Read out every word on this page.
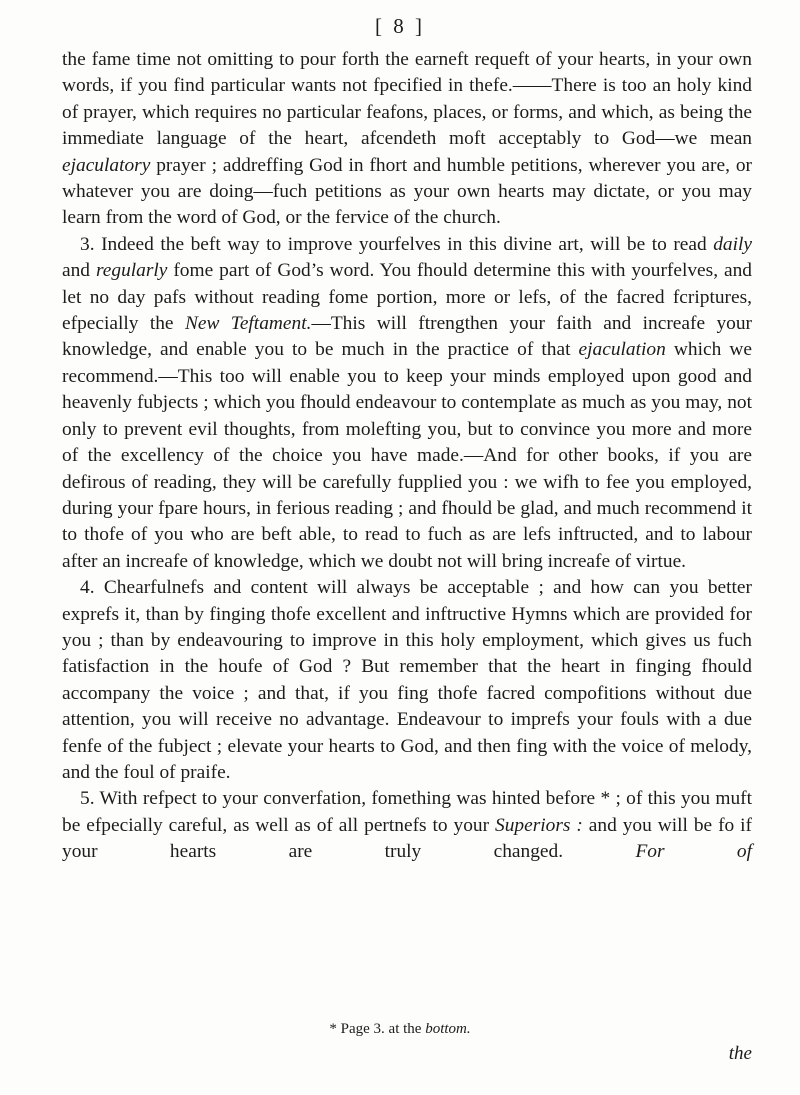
[ 8 ]

the fame time not omitting to pour forth the earneft requeft of your hearts, in your own words, if you find particular wants not fpecified in thefe.——There is too an holy kind of prayer, which requires no particular feafons, places, or forms, and which, as being the immediate language of the heart, afcendeth moft acceptably to God—we mean ejaculatory prayer ; addreffing God in fhort and humble petitions, wherever you are, or whatever you are doing—fuch petitions as your own hearts may dictate, or you may learn from the word of God, or the fervice of the church.

3. Indeed the beft way to improve yourfelves in this divine art, will be to read daily and regularly fome part of God’s word. You fhould determine this with yourfelves, and let no day pafs without reading fome portion, more or lefs, of the facred fcriptures, efpecially the New Teftament.—This will ftrengthen your faith and increafe your knowledge, and enable you to be much in the practice of that ejaculation which we recommend.—This too will enable you to keep your minds employed upon good and heavenly fubjects ; which you fhould endeavour to contemplate as much as you may, not only to prevent evil thoughts, from molefting you, but to convince you more and more of the excellency of the choice you have made.—And for other books, if you are defirous of reading, they will be carefully fupplied you : we wifh to fee you employed, during your fpare hours, in ferious reading ; and fhould be glad, and much recommend it to thofe of you who are beft able, to read to fuch as are lefs inftructed, and to labour after an increafe of knowledge, which we doubt not will bring increafe of virtue.

4. Chearfulnefs and content will always be acceptable ; and how can you better exprefs it, than by finging thofe excellent and inftructive Hymns which are provided for you ; than by endeavouring to improve in this holy employment, which gives us fuch fatisfaction in the houfe of God ? But remember that the heart in finging fhould accompany the voice ; and that, if you fing thofe facred compofitions without due attention, you will receive no advantage. Endeavour to imprefs your fouls with a due fenfe of the fubject ; elevate your hearts to God, and then fing with the voice of melody, and the foul of praife.

5. With refpect to your converfation, fomething was hinted before * ; of this you muft be efpecially careful, as well as of all pertnefs to your Superiors : and you will be fo if your hearts are truly changed. For of

* Page 3. at the bottom.
the
